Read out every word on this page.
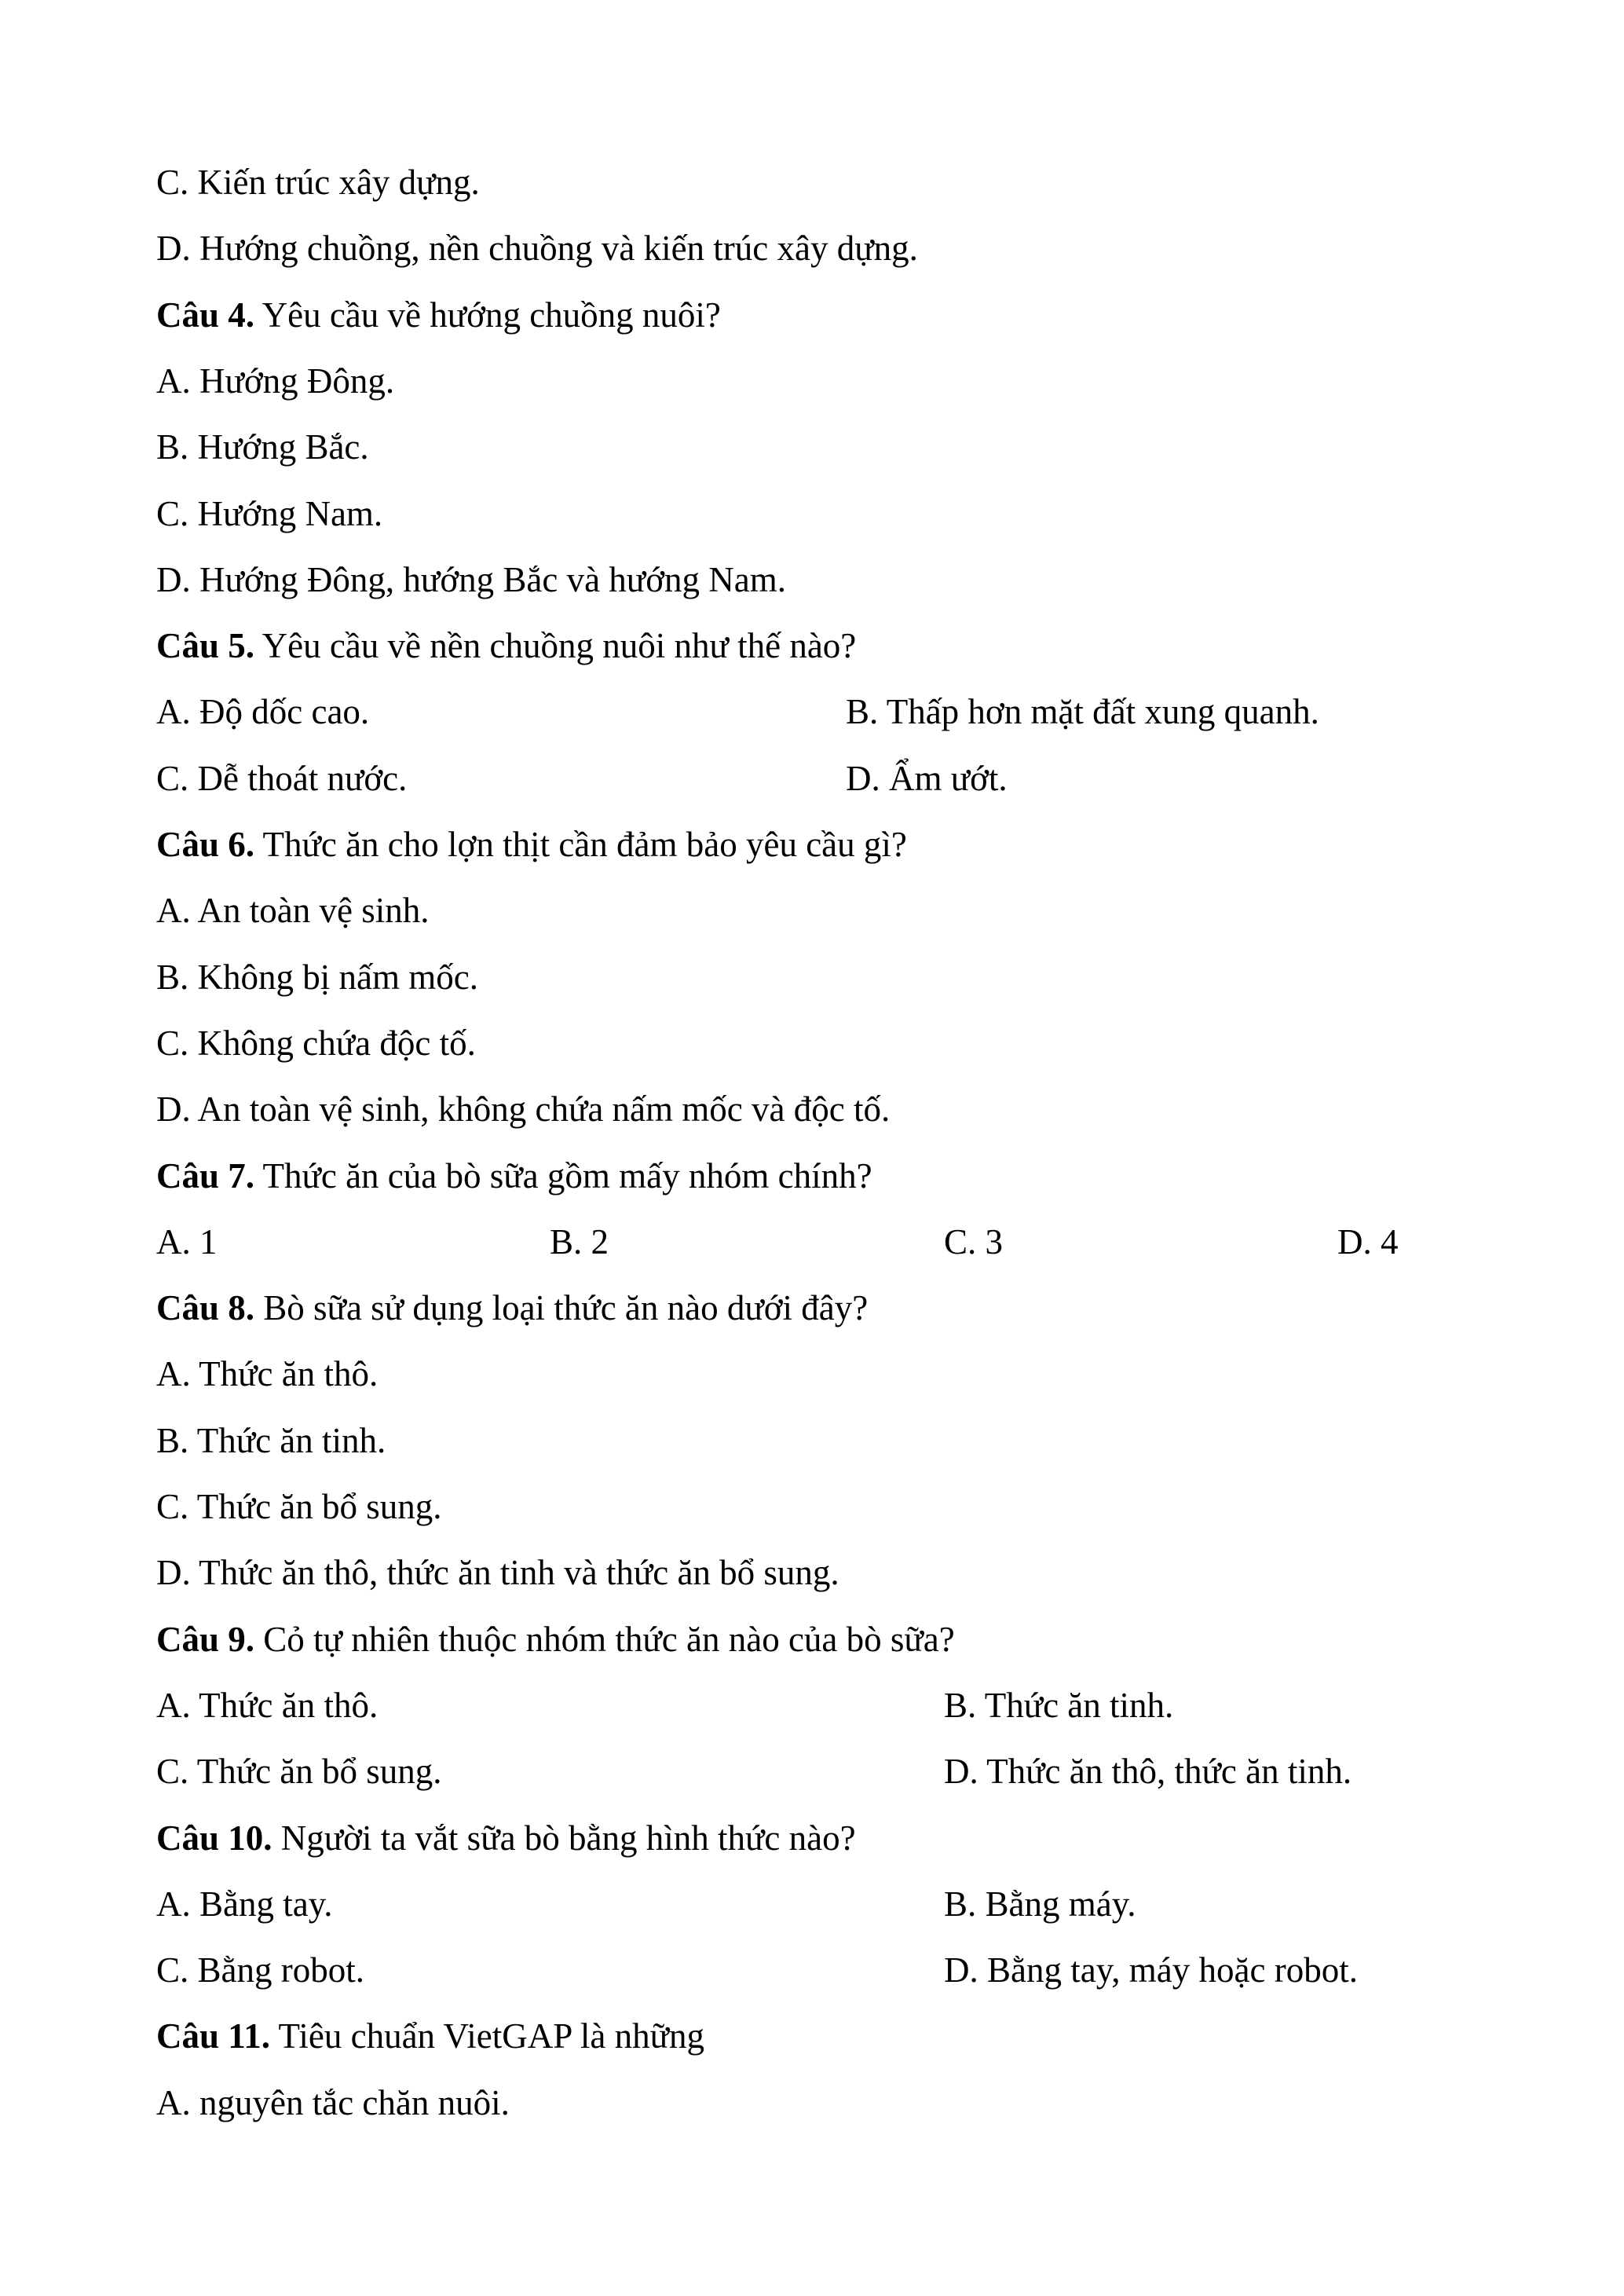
C. Kiến trúc xây dựng.
D. Hướng chuồng, nền chuồng và kiến trúc xây dựng.
Câu 4. Yêu cầu về hướng chuồng nuôi?
A. Hướng Đông.
B. Hướng Bắc.
C. Hướng Nam.
D. Hướng Đông, hướng Bắc và hướng Nam.
Câu 5. Yêu cầu về nền chuồng nuôi như thế nào?
A. Độ dốc cao.	B. Thấp hơn mặt đất xung quanh.
C. Dễ thoát nước.	D. Ẩm ướt.
Câu 6. Thức ăn cho lợn thịt cần đảm bảo yêu cầu gì?
A. An toàn vệ sinh.
B. Không bị nấm mốc.
C. Không chứa độc tố.
D. An toàn vệ sinh, không chứa nấm mốc và độc tố.
Câu 7. Thức ăn của bò sữa gồm mấy nhóm chính?
A. 1	B. 2	C. 3	D. 4
Câu 8. Bò sữa sử dụng loại thức ăn nào dưới đây?
A. Thức ăn thô.
B. Thức ăn tinh.
C. Thức ăn bổ sung.
D. Thức ăn thô, thức ăn tinh và thức ăn bổ sung.
Câu 9. Cỏ tự nhiên thuộc nhóm thức ăn nào của bò sữa?
A. Thức ăn thô.	B. Thức ăn tinh.
C. Thức ăn bổ sung.	D. Thức ăn thô, thức ăn tinh.
Câu 10. Người ta vắt sữa bò bằng hình thức nào?
A. Bằng tay.	B. Bằng máy.
C. Bằng robot.	D. Bằng tay, máy hoặc robot.
Câu 11. Tiêu chuẩn VietGAP là những
A. nguyên tắc chăn nuôi.
